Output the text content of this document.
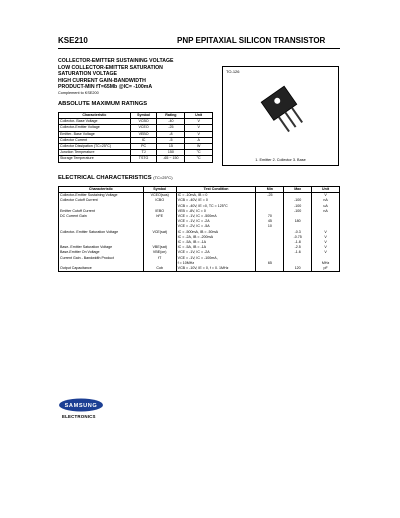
KSE210	PNP EPITAXIAL SILICON TRANSISTOR
COLLECTOR-EMITTER SUSTAINING VOLTAGE
LOW COLLECTOR-EMITTER SATURATION
SATURATION VOLTAGE
HIGH CURRENT GAIN-BANDWIDTH
PRODUCT-MIN fT=65Mb @IC= -100mA
Complement to KSE200
ABSOLUTE MAXIMUM RATINGS
Characteristic	Symbol	Rating	Unit
Collector- Base Voltage	VCBO	-40	V
Collector-Emitter Voltage	VCEO	-25	V
Emitter- Base Voltage	VEBO	-8	V
Collector Current	IC	-5	A
Collector Dissipation (TC=25°C)	PC	15	W
Junction Temperature	TJ	150	°C
Storage Temperature	TSTG	-65 ~ 150	°C
TO-126
1. Emitter 2. Collector 3. Base
ELECTRICAL CHARACTERISTICS (TC=25°C)
Characteristic	Symbol	Test Condition	Min	Max	Unit
Collector-Emitter Sustaining Voltage	VCEO(sus)	IC = -10mA, IB = 0	-25		V
Collector Cutoff Current	ICBO	VCB = -40V, IE = 0		-100	nA
		VCB = -40V, IE =0, TC = 125°C		-100	uA
Emitter Cutoff Current	IEBO	VEB = -8V, IC = 0		-100	nA
DC Current Gain	hFE	VCE = -1V, IC = -500mA	70		
		VCE = -1V, IC = -2A	45	180	
		VCE = -2V, IC = -5A	10		
Collector- Emitter Saturation Voltage	VCE(sat)	IC = -500mA, IB = -50mA		-0.3	V
		IC = -2A, IB = -200mA		-0.75	V
		IC = -5A, IB = -1A		-1.8	V
Base- Emitter Saturation Voltage	VBE(sat)	IC = -5A, IB = -1A		-2.5	V
Base-Emitter On Voltage	VBE(on)	VCE = -1V, IC = -2A		-1.6	V
Current Gain - Bandwidth Product	fT	VCE = -1V, IC = -100mA,			
		f = 10MHz	65		MHz
Output Capacitance	Cob	VCB = -10V, IE = 0, f = 0. 1MHz		120	pF
SAMSUNG
ELECTRONICS
